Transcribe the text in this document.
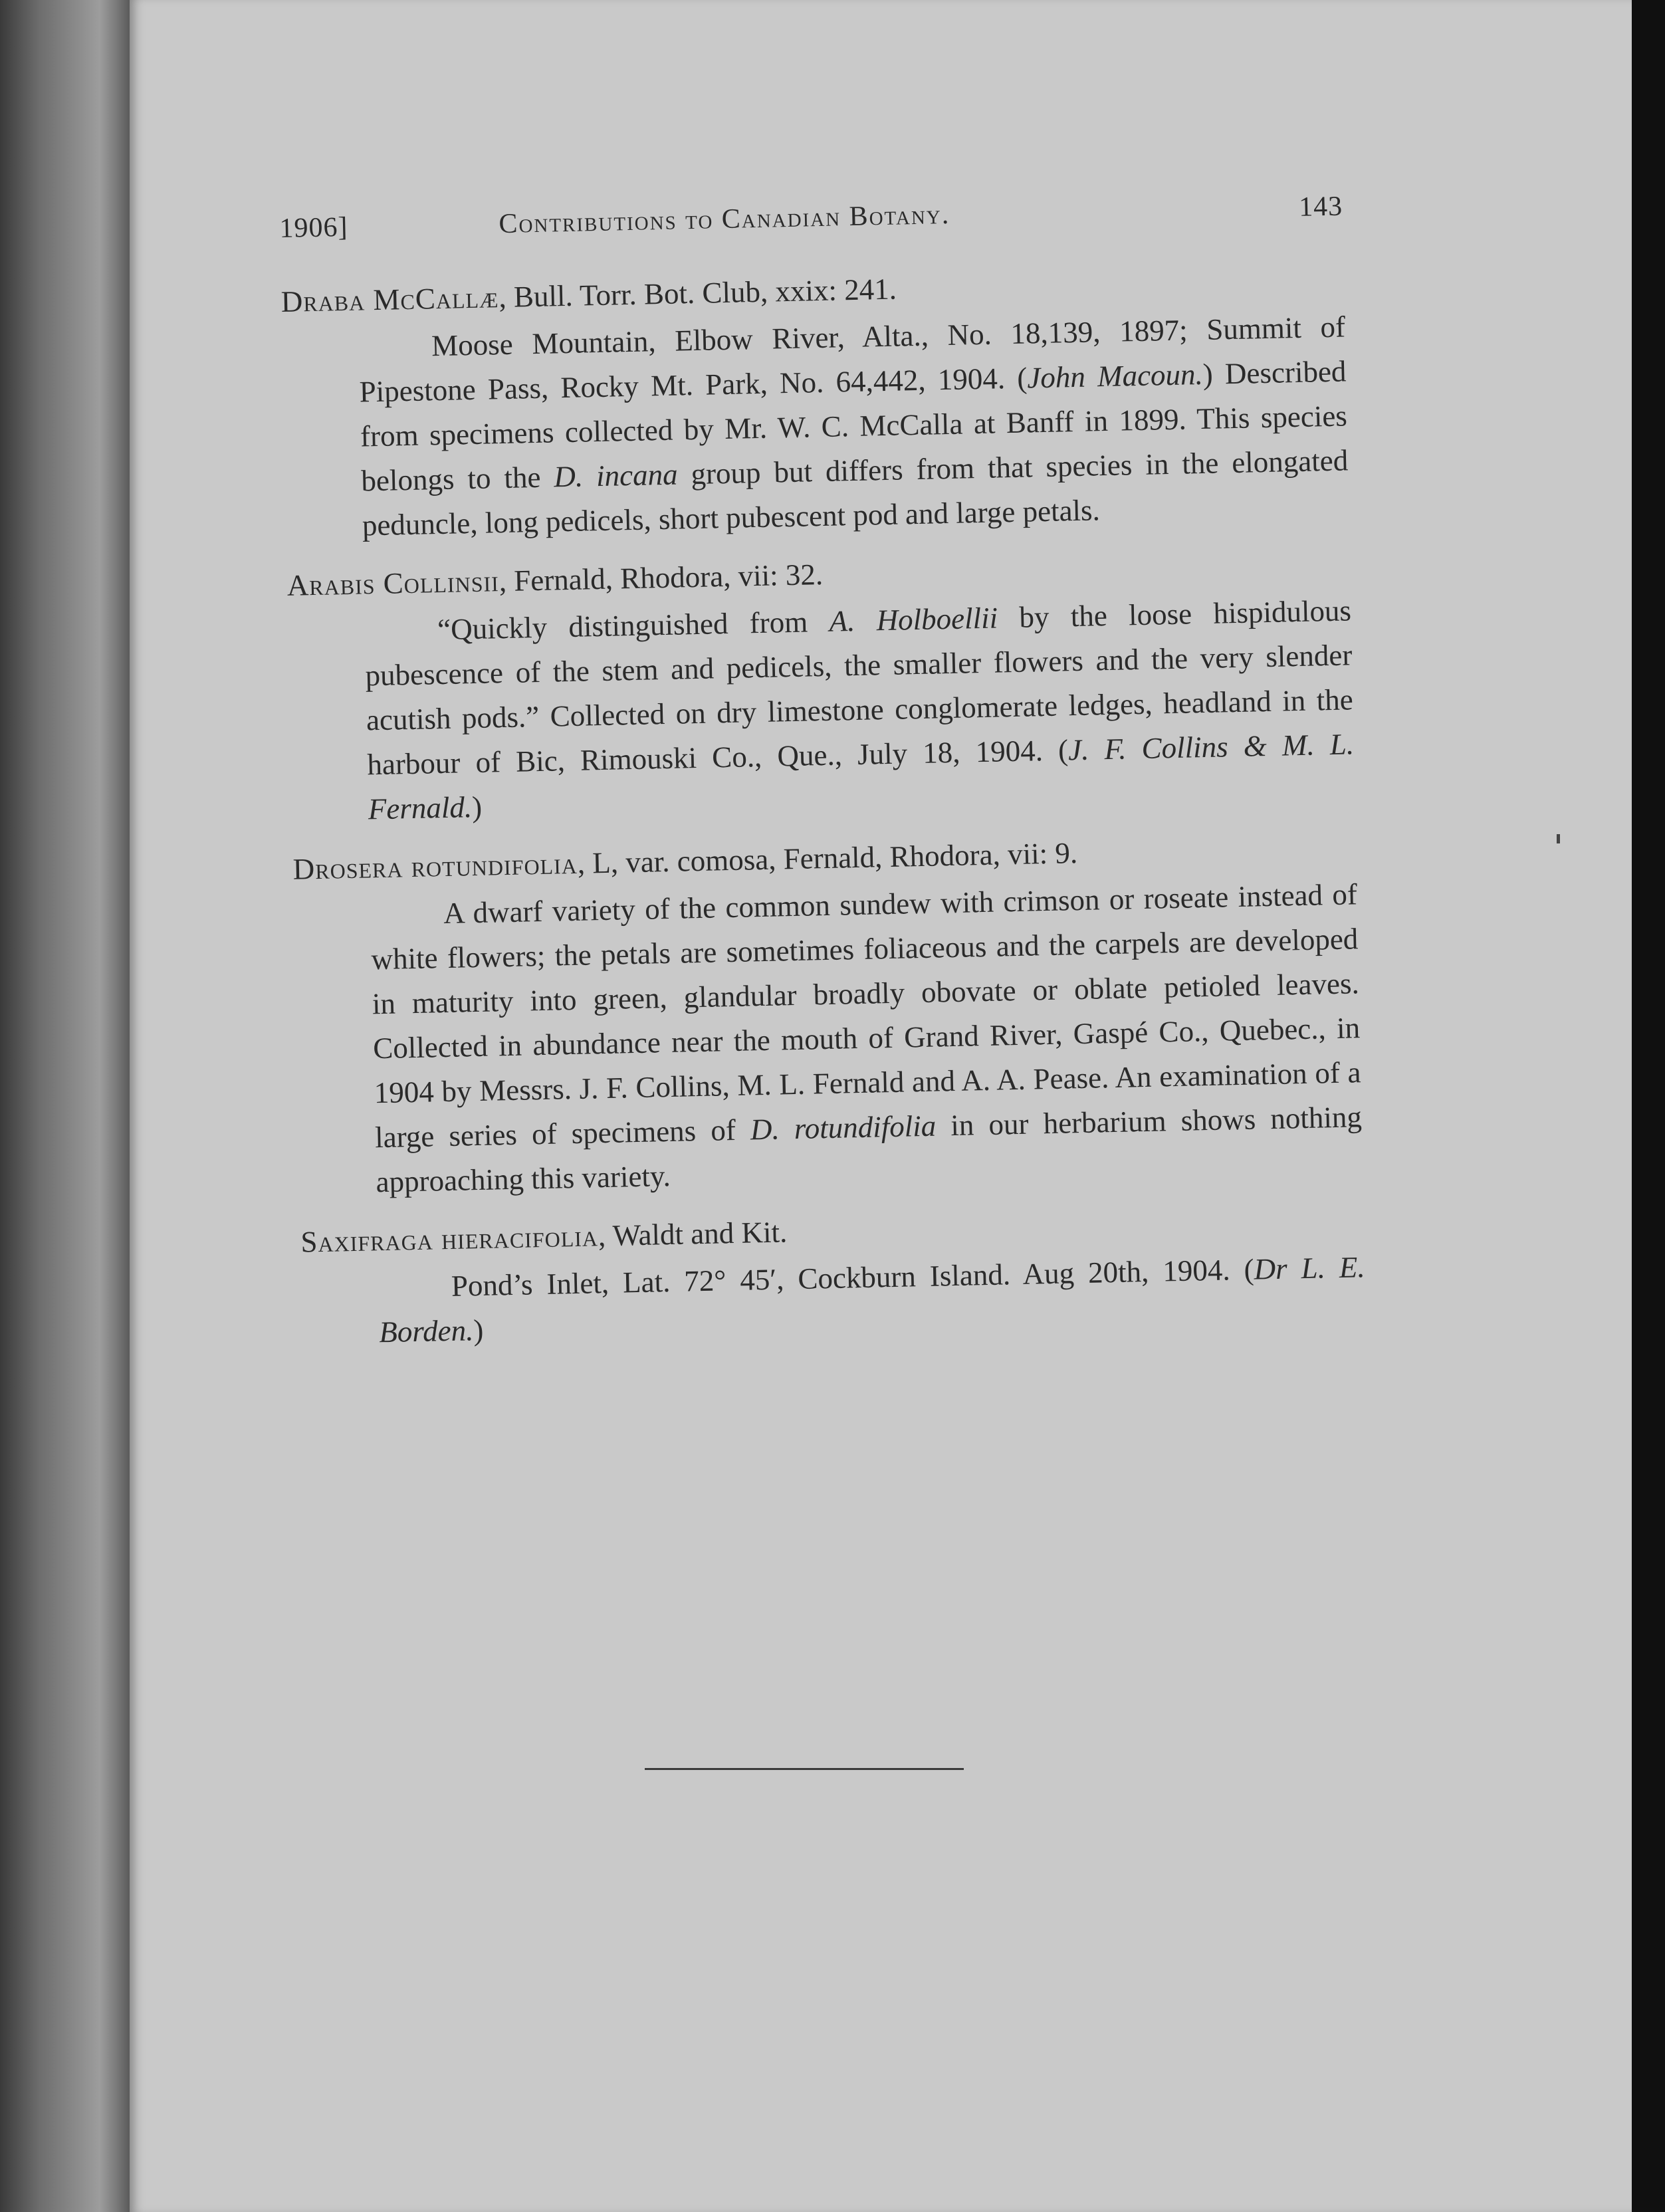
1906]	Contributions to Canadian Botany.	143

Draba McCallæ, Bull. Torr. Bot. Club, xxix: 241.

Moose Mountain, Elbow River, Alta., No. 18,139, 1897; Summit of Pipestone Pass, Rocky Mt. Park, No. 64,442, 1904. (John Macoun.) Described from specimens collected by Mr. W. C. McCalla at Banff in 1899. This species belongs to the D. incana group but differs from that species in the elongated peduncle, long pedicels, short pubescent pod and large petals.

Arabis Collinsii, Fernald, Rhodora, vii: 32.

“Quickly distinguished from A. Holboellii by the loose hispidulous pubescence of the stem and pedicels, the smaller flowers and the very slender acutish pods.” Collected on dry limestone conglomerate ledges, headland in the harbour of Bic, Rimouski Co., Que., July 18, 1904. (J. F. Collins & M. L. Fernald.)

Drosera rotundifolia, L, var. comosa, Fernald, Rhodora, vii: 9.

A dwarf variety of the common sundew with crimson or roseate instead of white flowers; the petals are sometimes foliaceous and the carpels are developed in maturity into green, glandular broadly obovate or oblate petioled leaves. Collected in abundance near the mouth of Grand River, Gaspé Co., Quebec., in 1904 by Messrs. J. F. Collins, M. L. Fernald and A. A. Pease. An examination of a large series of specimens of D. rotundifolia in our herbarium shows nothing approaching this variety.

Saxifraga hieracifolia, Waldt and Kit.

Pond’s Inlet, Lat. 72° 45′, Cockburn Island. Aug 20th, 1904. (Dr L. E. Borden.)
